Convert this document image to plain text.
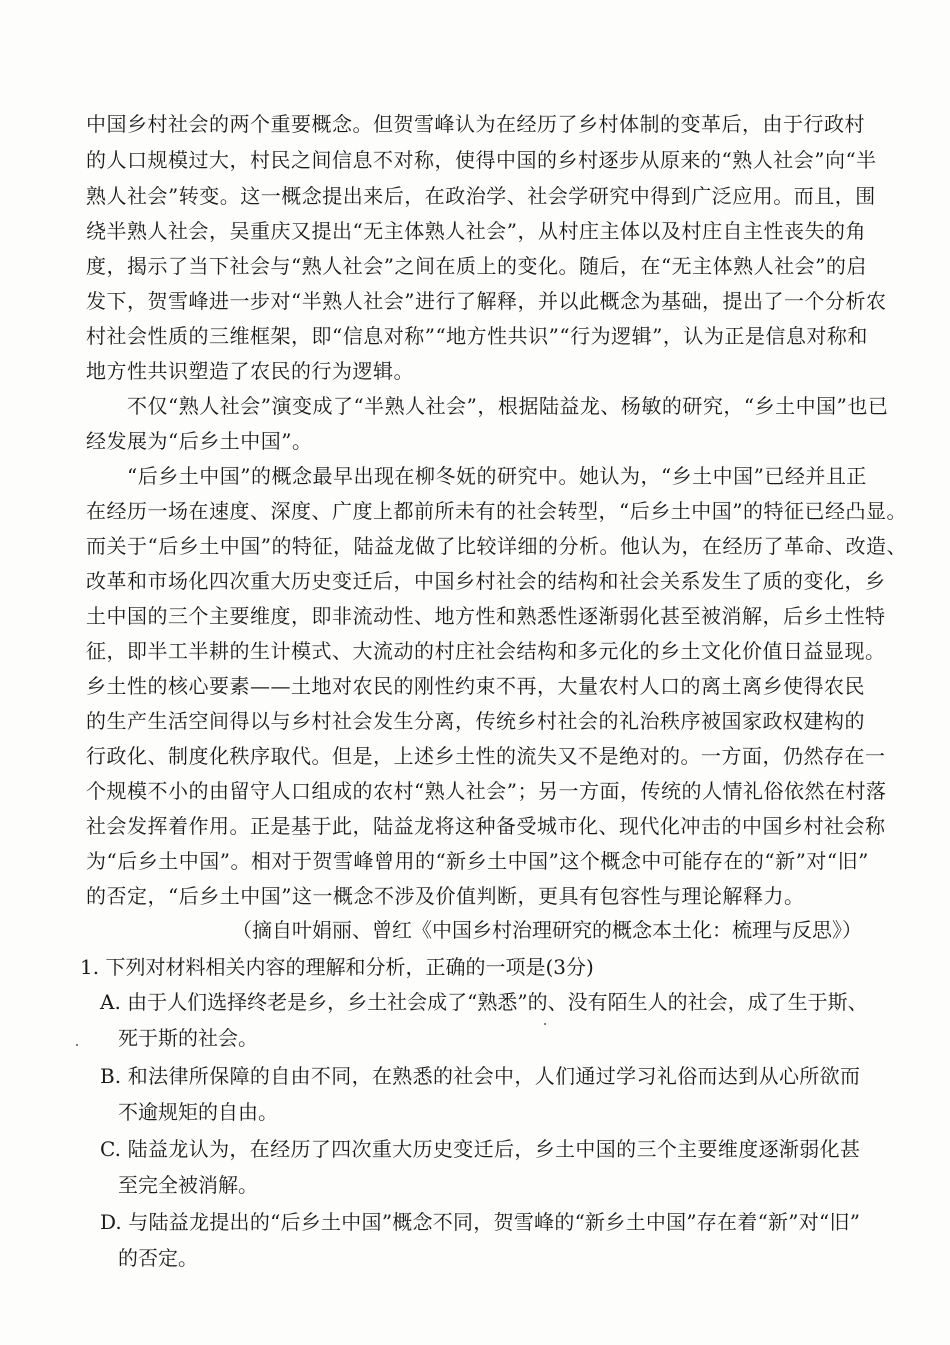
中国乡村社会的两个重要概念。但贺雪峰认为在经历了乡村体制的变革后，由于行政村
的人口规模过大，村民之间信息不对称，使得中国的乡村逐步从原来的“熟人社会”向“半
熟人社会”转变。这一概念提出来后，在政治学、社会学研究中得到广泛应用。而且，围
绕半熟人社会，吴重庆又提出“无主体熟人社会”，从村庄主体以及村庄自主性丧失的角
度，揭示了当下社会与“熟人社会”之间在质上的变化。随后，在“无主体熟人社会”的启
发下，贺雪峰进一步对“半熟人社会”进行了解释，并以此概念为基础，提出了一个分析农
村社会性质的三维框架，即“信息对称”“地方性共识”“行为逻辑”，认为正是信息对称和
地方性共识塑造了农民的行为逻辑。
　　不仅“熟人社会”演变成了“半熟人社会”，根据陆益龙、杨敏的研究，“乡土中国”也已
经发展为“后乡土中国”。
　　“后乡土中国”的概念最早出现在柳冬妩的研究中。她认为，“乡土中国”已经并且正
在经历一场在速度、深度、广度上都前所未有的社会转型，“后乡土中国”的特征已经凸显。
而关于“后乡土中国”的特征，陆益龙做了比较详细的分析。他认为，在经历了革命、改造、
改革和市场化四次重大历史变迁后，中国乡村社会的结构和社会关系发生了质的变化，乡
土中国的三个主要维度，即非流动性、地方性和熟悉性逐渐弱化甚至被消解，后乡土性特
征，即半工半耕的生计模式、大流动的村庄社会结构和多元化的乡土文化价值日益显现。
乡土性的核心要素——土地对农民的刚性约束不再，大量农村人口的离土离乡使得农民
的生产生活空间得以与乡村社会发生分离，传统乡村社会的礼治秩序被国家政权建构的
行政化、制度化秩序取代。但是，上述乡土性的流失又不是绝对的。一方面，仍然存在一
个规模不小的由留守人口组成的农村“熟人社会”；另一方面，传统的人情礼俗依然在村落
社会发挥着作用。正是基于此，陆益龙将这种备受城市化、现代化冲击的中国乡村社会称
为“后乡土中国”。相对于贺雪峰曾用的“新乡土中国”这个概念中可能存在的“新”对“旧”
的否定，“后乡土中国”这一概念不涉及价值判断，更具有包容性与理论解释力。
（摘自叶娟丽、曾红《中国乡村治理研究的概念本土化：梳理与反思》）
1. 下列对材料相关内容的理解和分析，正确的一项是(3分)
A. 由于人们选择终老是乡，乡土社会成了“熟悉”的、没有陌生人的社会，成了生于斯、
死于斯的社会。
B. 和法律所保障的自由不同，在熟悉的社会中，人们通过学习礼俗而达到从心所欲而
不逾规矩的自由。
C. 陆益龙认为，在经历了四次重大历史变迁后，乡土中国的三个主要维度逐渐弱化甚
至完全被消解。
D. 与陆益龙提出的“后乡土中国”概念不同，贺雪峰的“新乡土中国”存在着“新”对“旧”
的否定。
